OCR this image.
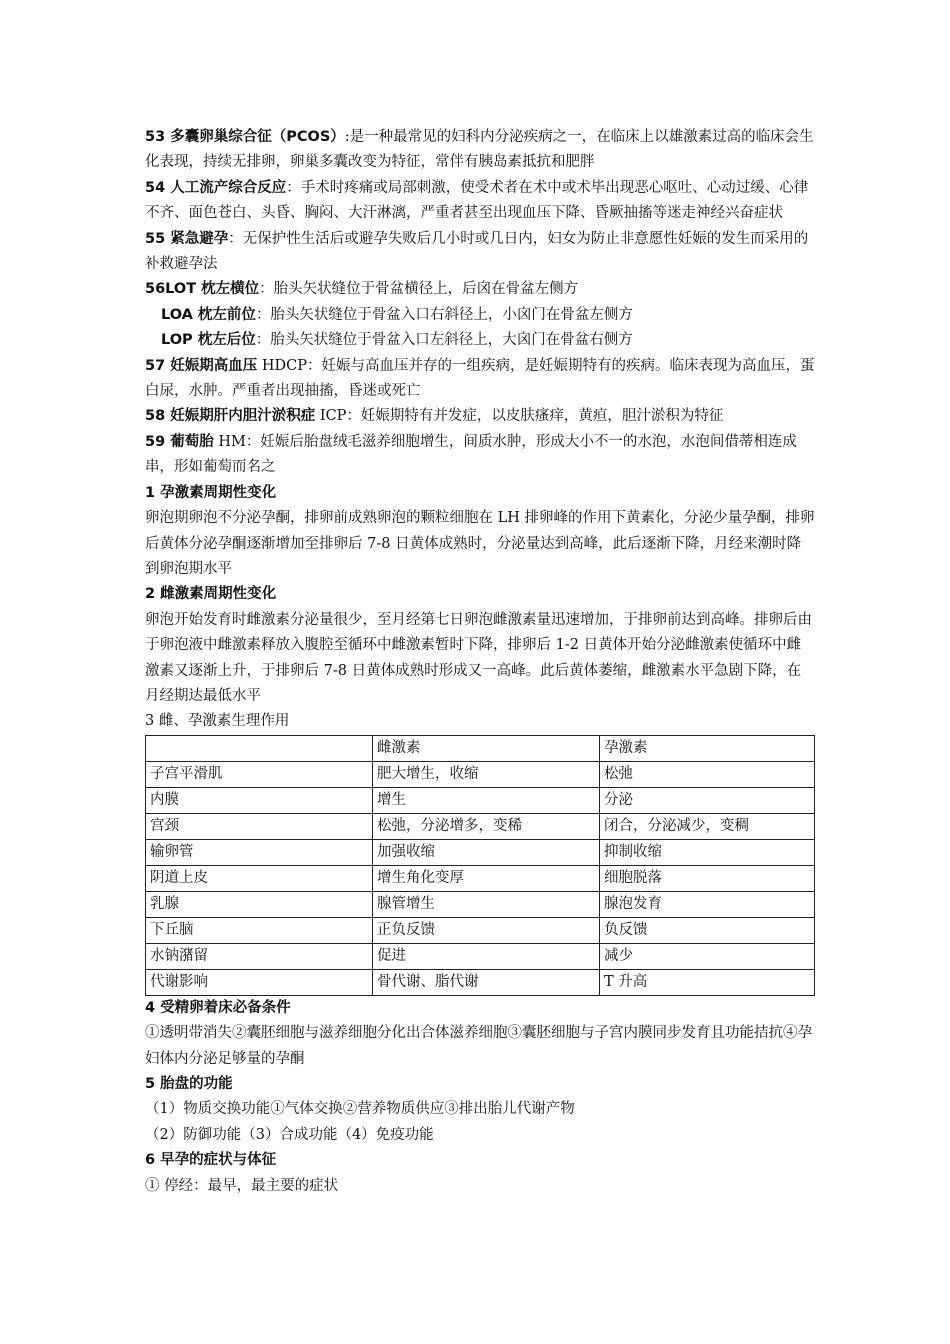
53 多囊卵巢综合征（PCOS）:是一种最常见的妇科内分泌疾病之一，在临床上以雄激素过高的临床会生化表现，持续无排卵，卵巢多囊改变为特征，常伴有胰岛素抵抗和肥胖

54 人工流产综合反应：手术时疼痛或局部刺激，使受术者在术中或术毕出现恶心呕吐、心动过缓、心律不齐、面色苍白、头昏、胸闷、大汗淋漓，严重者甚至出现血压下降、昏厥抽搐等迷走神经兴奋症状

55 紧急避孕：无保护性生活后或避孕失败后几小时或几日内，妇女为防止非意愿性妊娠的发生而采用的补救避孕法

56LOT 枕左横位：胎头矢状缝位于骨盆横径上，后囟在骨盆左侧方

LOA 枕左前位：胎头矢状缝位于骨盆入口右斜径上，小囟门在骨盆左侧方

LOP 枕左后位：胎头矢状缝位于骨盆入口左斜径上，大囟门在骨盆右侧方

57 妊娠期高血压 HDCP：妊娠与高血压并存的一组疾病，是妊娠期特有的疾病。临床表现为高血压，蛋白尿，水肿。严重者出现抽搐，昏迷或死亡

58 妊娠期肝内胆汁淤积症 ICP：妊娠期特有并发症，以皮肤瘙痒，黄疸，胆汁淤积为特征

59 葡萄胎 HM：妊娠后胎盘绒毛滋养细胞增生，间质水肿，形成大小不一的水泡，水泡间借蒂相连成串，形如葡萄而名之

1 孕激素周期性变化

卵泡期卵泡不分泌孕酮，排卵前成熟卵泡的颗粒细胞在 LH 排卵峰的作用下黄素化，分泌少量孕酮，排卵后黄体分泌孕酮逐渐增加至排卵后 7-8 日黄体成熟时，分泌量达到高峰，此后逐渐下降，月经来潮时降到卵泡期水平

2 雌激素周期性变化

卵泡开始发育时雌激素分泌量很少，至月经第七日卵泡雌激素量迅速增加，于排卵前达到高峰。排卵后由于卵泡液中雌激素释放入腹腔至循环中雌激素暂时下降，排卵后 1-2 日黄体开始分泌雌激素使循环中雌激素又逐渐上升，于排卵后 7-8 日黄体成熟时形成又一高峰。此后黄体萎缩，雌激素水平急剧下降，在月经期达最低水平

3 雌、孕激素生理作用

	雌激素	孕激素
子宫平滑肌	肥大增生，收缩	松弛
内膜	增生	分泌
宫颈	松弛，分泌增多，变稀	闭合，分泌减少，变稠
输卵管	加强收缩	抑制收缩
阴道上皮	增生角化变厚	细胞脱落
乳腺	腺管增生	腺泡发育
下丘脑	正负反馈	负反馈
水钠潴留	促进	减少
代谢影响	骨代谢、脂代谢	T 升高

4 受精卵着床必备条件

①透明带消失②囊胚细胞与滋养细胞分化出合体滋养细胞③囊胚细胞与子宫内膜同步发育且功能拮抗④孕妇体内分泌足够量的孕酮

5 胎盘的功能

（1）物质交换功能①气体交换②营养物质供应③排出胎儿代谢产物

（2）防御功能（3）合成功能（4）免疫功能

6 早孕的症状与体征

① 停经：最早，最主要的症状
